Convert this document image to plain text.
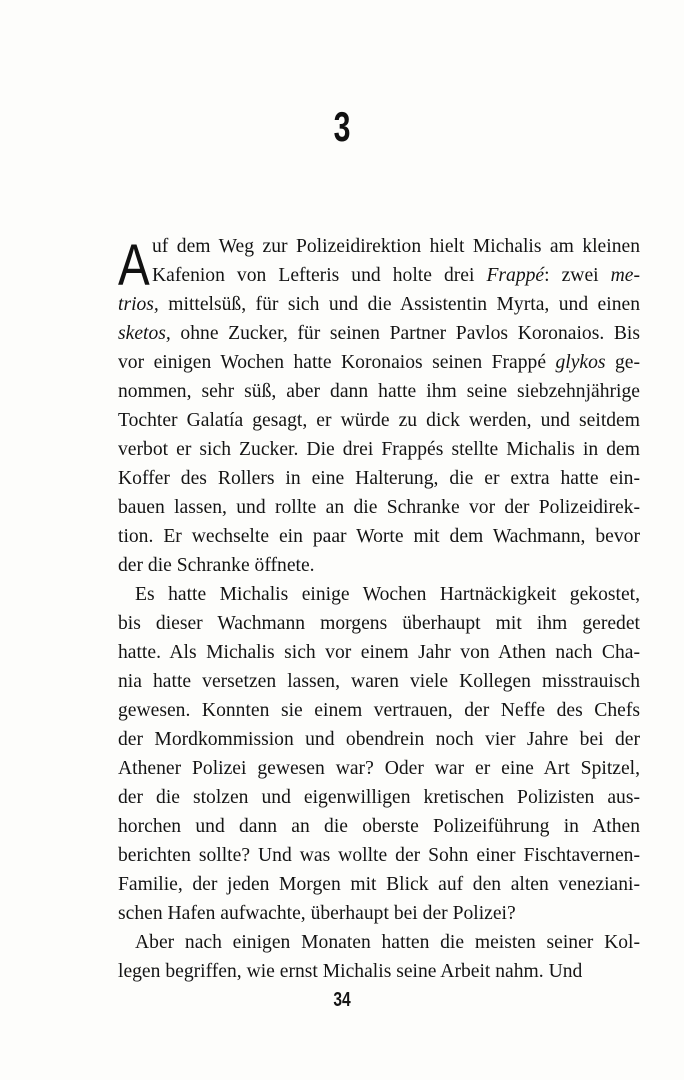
3
A uf dem Weg zur Polizeidirektion hielt Michalis am kleinen
Kafenion von Lefteris und holte drei Frappé: zwei me-
trios, mittelsüß, für sich und die Assistentin Myrta, und einen
sketos, ohne Zucker, für seinen Partner Pavlos Koronaios. Bis
vor einigen Wochen hatte Koronaios seinen Frappé glykos ge-
nommen, sehr süß, aber dann hatte ihm seine siebzehnjährige
Tochter Galatía gesagt, er würde zu dick werden, und seitdem
verbot er sich Zucker. Die drei Frappés stellte Michalis in dem
Koffer des Rollers in eine Halterung, die er extra hatte ein-
bauen lassen, und rollte an die Schranke vor der Polizeidirek-
tion. Er wechselte ein paar Worte mit dem Wachmann, bevor
der die Schranke öffnete.
Es hatte Michalis einige Wochen Hartnäckigkeit gekostet,
bis dieser Wachmann morgens überhaupt mit ihm geredet
hatte. Als Michalis sich vor einem Jahr von Athen nach Cha-
nia hatte versetzen lassen, waren viele Kollegen misstrauisch
gewesen. Konnten sie einem vertrauen, der Neffe des Chefs
der Mordkommission und obendrein noch vier Jahre bei der
Athener Polizei gewesen war? Oder war er eine Art Spitzel,
der die stolzen und eigenwilligen kretischen Polizisten aus-
horchen und dann an die oberste Polizeiführung in Athen
berichten sollte? Und was wollte der Sohn einer Fischtavernen-
Familie, der jeden Morgen mit Blick auf den alten veneziani-
schen Hafen aufwachte, überhaupt bei der Polizei?
Aber nach einigen Monaten hatten die meisten seiner Kol-
legen begriffen, wie ernst Michalis seine Arbeit nahm. Und
34
